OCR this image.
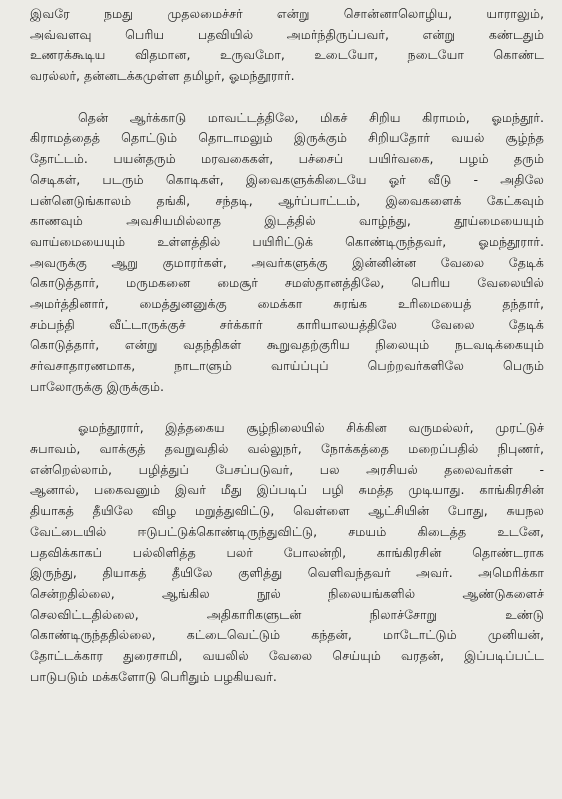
இவரே நமது முதலமைச்சர் என்று சொன்னாலொழிய, யாராலும்,
அவ்வளவு பெரிய பதவியில் அமர்ந்திருப்பவர், என்று கண்டதும்
உணரக்கூடிய விதமான, உருவமோ, உடையோ, நடையோ கொண்ட
வரல்லர், தன்னடக்கமுள்ள தமிழர், ஓமந்தூரார்.
தென் ஆர்க்காடு மாவட்டத்திலே, மிகச் சிறிய கிராமம், ஓமந்தூர்.
கிராமத்தைத் தொட்டும் தொடாமலும் இருக்கும் சிறியதோர் வயல் சூழ்ந்த
தோட்டம். பயன்தரும் மரவகைகள், பச்சைப் பயிர்வகை, பழம் தரும்
செடிகள், படரும் கொடிகள், இவைகளுக்கிடையே ஓர் வீடு - அதிலே
பன்னெடுங்காலம் தங்கி, சந்தடி, ஆர்ப்பாட்டம், இவைகளைக் கேட்கவும்
காணவும் அவசியமில்லாத இடத்தில் வாழ்ந்து, தூய்மையையும்
வாய்மையையும் உள்ளத்தில் பயிரிட்டுக் கொண்டிருந்தவர், ஓமந்தூரார்.
அவருக்கு ஆறு குமாரர்கள், அவர்களுக்கு இன்னின்ன வேலை தேடிக்
கொடுத்தார், மருமகனை மைசூர் சமஸ்தானத்திலே, பெரிய வேலையில்
அமர்த்தினார், மைத்துனனுக்கு மைக்கா சுரங்க உரிமையைத் தந்தார்,
சம்பந்தி வீட்டாருக்குச் சர்க்கார் காரியாலயத்திலே வேலை தேடிக்
கொடுத்தார், என்று வதந்திகள் கூறுவதற்குரிய நிலையும் நடவடிக்கையும்
சர்வசாதாரணமாக, நாடாளும் வாய்ப்புப் பெற்றவர்களிலே பெரும்
பாலோருக்கு இருக்கும்.
ஓமந்தூரார், இத்தகைய சூழ்நிலையில் சிக்கின வருமல்லர், முரட்டுச்
சுபாவம், வாக்குத் தவறுவதில் வல்லுநர், நோக்கத்தை மறைப்பதில் நிபுணர்,
என்றெல்லாம், பழித்துப் பேசப்படுவர், பல அரசியல் தலைவர்கள் -
ஆனால், பகைவனும் இவர் மீது இப்படிப் பழி சுமத்த முடியாது. காங்கிரசின்
தியாகத் தீயிலே விழ மறுத்துவிட்டு, வெள்ளை ஆட்சியின் போது, சுயநல
வேட்டையில் ஈடுபட்டுக்கொண்டிருந்துவிட்டு, சமயம் கிடைத்த உடனே,
பதவிக்காகப் பல்லிளித்த பலர் போலன்றி, காங்கிரசின் தொண்டராக
இருந்து, தியாகத் தீயிலே குளித்து வெளிவந்தவர் அவர். அமெரிக்கா
சென்றதில்லை, ஆங்கில நூல் நிலையங்களில் ஆண்டுகளைச்
செலவிட்டதில்லை, அதிகாரிகளுடன் நிலாச்சோறு உண்டு
கொண்டிருந்ததில்லை, கட்டைவெட்டும் கந்தன், மாடோட்டும் முனியன்,
தோட்டக்கார துரைசாமி, வயலில் வேலை செய்யும் வரதன், இப்படிப்பட்ட
பாடுபடும் மக்களோடு பெரிதும் பழகியவர்.
